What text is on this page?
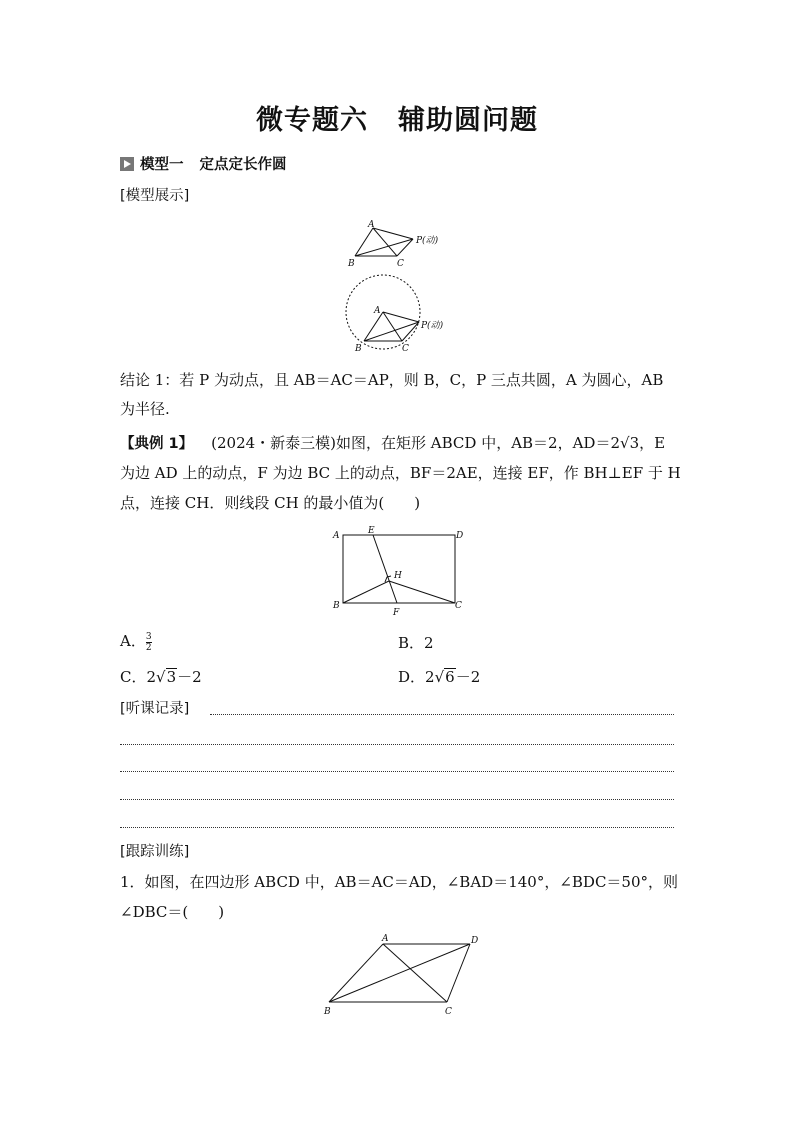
微专题六 辅助圆问题
模型一 定点定长作圆
[模型展示]
A
B	C
P(动)
A
B	C
P(动)
结论 1：若 P 为动点，且 AB＝AC＝AP，则 B，C，P 三点共圆，A 为圆心，AB
为半径.
【典例 1】 (2024・新泰三模)如图，在矩形 ABCD 中，AB＝2，AD＝2√3，E
为边 AD 上的动点，F 为边 BC 上的动点，BF＝2AE，连接 EF，作 BH⊥EF 于 H
点，连接 CH．则线段 CH 的最小值为(　　)
A	E	D
H
B
F
C
A． $\frac{3}{2}$	B．2
C．2√3－2	D．2√6－2
[听课记录]
[跟踪训练]
1．如图，在四边形 ABCD 中，AB＝AC＝AD，∠BAD＝140°，∠BDC＝50°，则
∠DBC＝(　　)
A	D
B	C
